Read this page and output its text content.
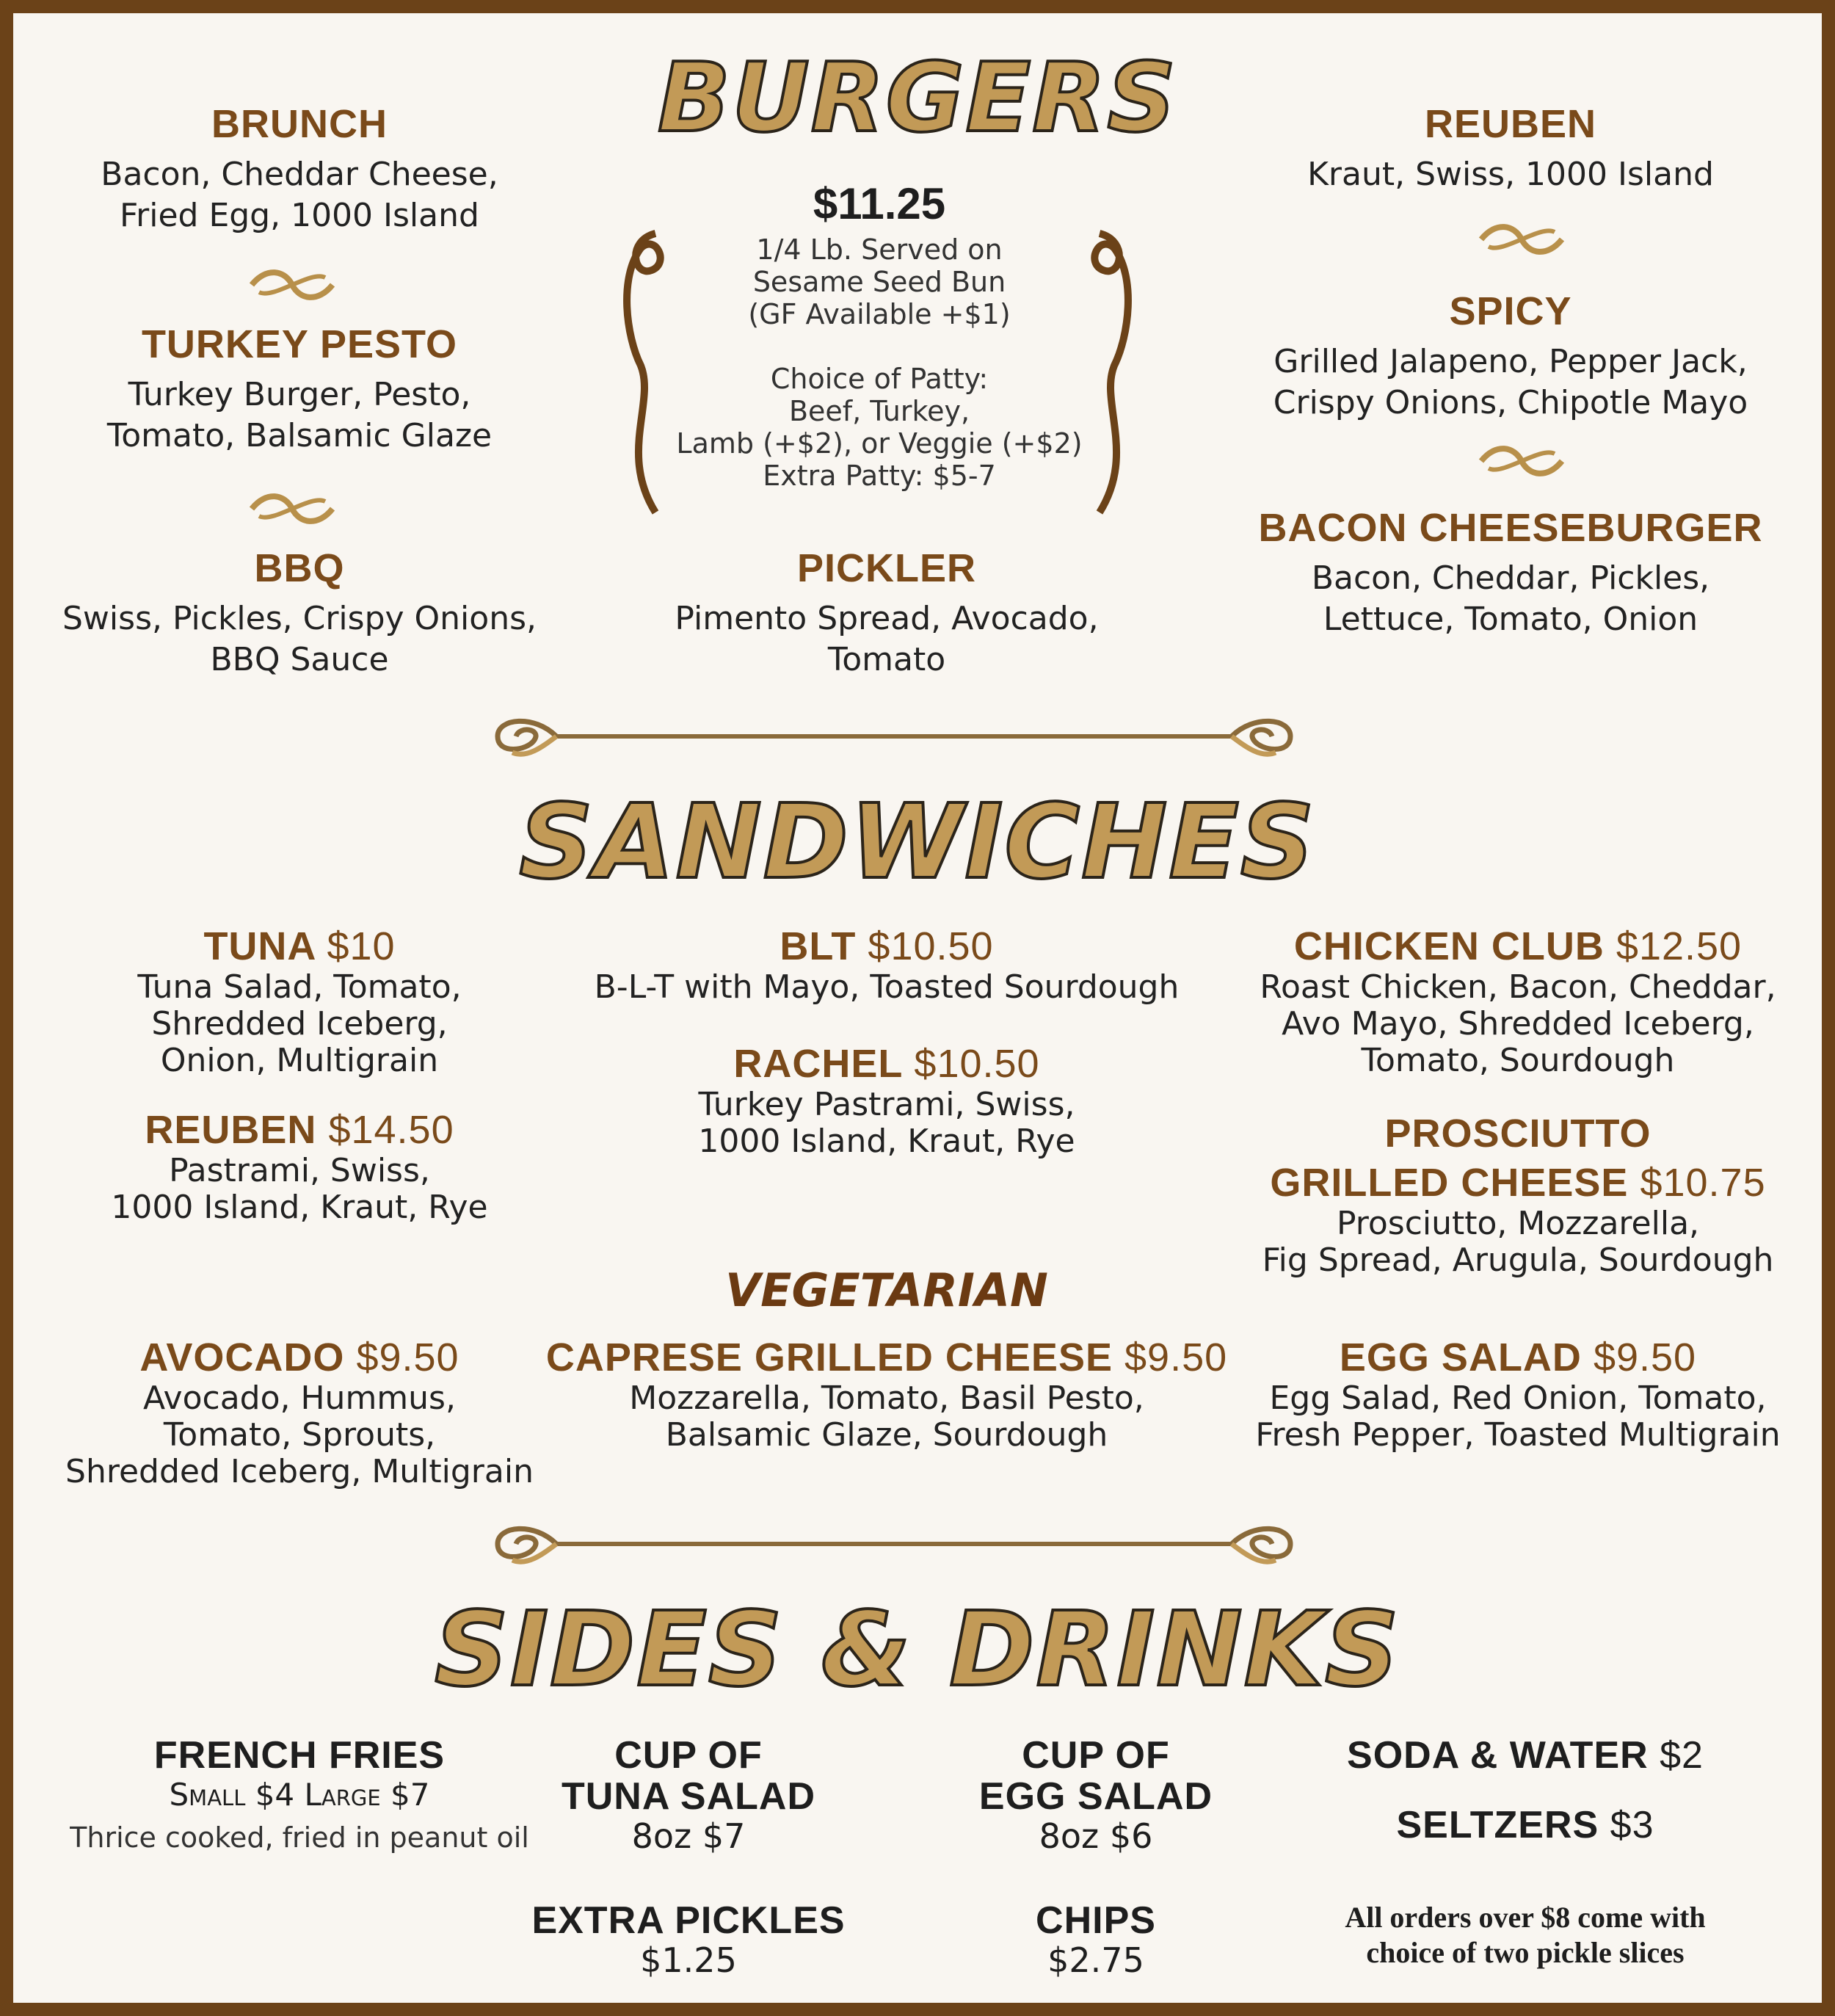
BURGERS
BRUNCH
Bacon, Cheddar Cheese,
Fried Egg, 1000 Island
TURKEY PESTO
Turkey Burger, Pesto,
Tomato, Balsamic Glaze
BBQ
Swiss, Pickles, Crispy Onions,
BBQ Sauce
$11.25
1/4 Lb. Served on
Sesame Seed Bun
(GF Available +$1)
Choice of Patty:
Beef, Turkey,
Lamb (+$2), or Veggie (+$2)
Extra Patty: $5-7
PICKLER
Pimento Spread, Avocado,
Tomato
REUBEN
Kraut, Swiss, 1000 Island
SPICY
Grilled Jalapeno, Pepper Jack,
Crispy Onions, Chipotle Mayo
BACON CHEESEBURGER
Bacon, Cheddar, Pickles,
Lettuce, Tomato, Onion
SANDWICHES
TUNA $10
Tuna Salad, Tomato,
Shredded Iceberg,
Onion, Multigrain
REUBEN $14.50
Pastrami, Swiss,
1000 Island, Kraut, Rye
BLT $10.50
B-L-T with Mayo, Toasted Sourdough
RACHEL $10.50
Turkey Pastrami, Swiss,
1000 Island, Kraut, Rye
CHICKEN CLUB $12.50
Roast Chicken, Bacon, Cheddar,
Avo Mayo, Shredded Iceberg,
Tomato, Sourdough
PROSCIUTTO
GRILLED CHEESE $10.75
Prosciutto, Mozzarella,
Fig Spread, Arugula, Sourdough
VEGETARIAN
AVOCADO $9.50
Avocado, Hummus,
Tomato, Sprouts,
Shredded Iceberg, Multigrain
CAPRESE GRILLED CHEESE $9.50
Mozzarella, Tomato, Basil Pesto,
Balsamic Glaze, Sourdough
EGG SALAD $9.50
Egg Salad, Red Onion, Tomato,
Fresh Pepper, Toasted Multigrain
SIDES & DRINKS
FRENCH FRIES
Small $4 Large $7
Thrice cooked, fried in peanut oil
CUP OF
TUNA SALAD
8oz $7
EXTRA PICKLES
$1.25
CUP OF
EGG SALAD
8oz $6
CHIPS
$2.75
SODA & WATER $2
SELTZERS $3
All orders over $8 come with
choice of two pickle slices
